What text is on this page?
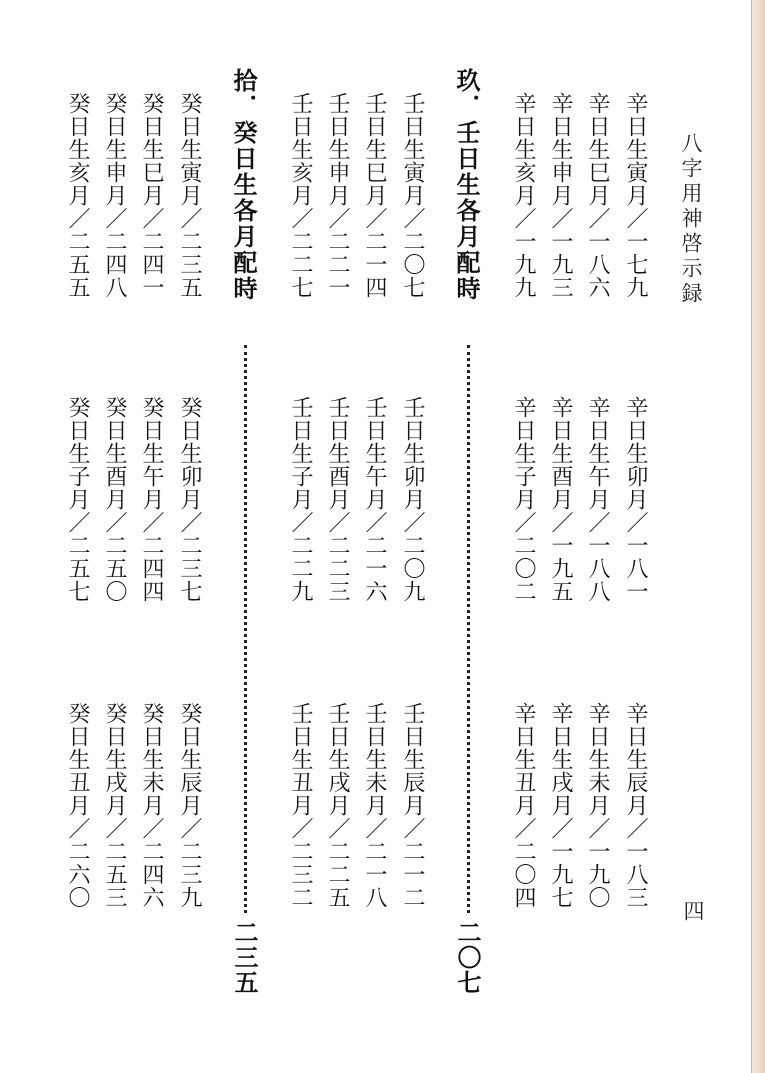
八字用神啓示録
四
辛日生寅月／一七九
辛日生卯月／一八一
辛日生辰月／一八三
辛日生巳月／一八六
辛日生午月／一八八
辛日生未月／一九〇
辛日生申月／一九三
辛日生酉月／一九五
辛日生戌月／一九七
辛日生亥月／一九九
辛日生子月／二〇二
辛日生丑月／二〇四
玖．壬日生各月配時
二〇七
壬日生寅月／二〇七
壬日生卯月／二〇九
壬日生辰月／二一二
壬日生巳月／二一四
壬日生午月／二一六
壬日生未月／二一八
壬日生申月／二二一
壬日生酉月／二二三
壬日生戌月／二二五
壬日生亥月／二二七
壬日生子月／二二九
壬日生丑月／二三二
拾．癸日生各月配時
二三五
癸日生寅月／二三五
癸日生卯月／二三七
癸日生辰月／二三九
癸日生巳月／二四一
癸日生午月／二四四
癸日生未月／二四六
癸日生申月／二四八
癸日生酉月／二五〇
癸日生戌月／二五三
癸日生亥月／二五五
癸日生子月／二五七
癸日生丑月／二六〇
